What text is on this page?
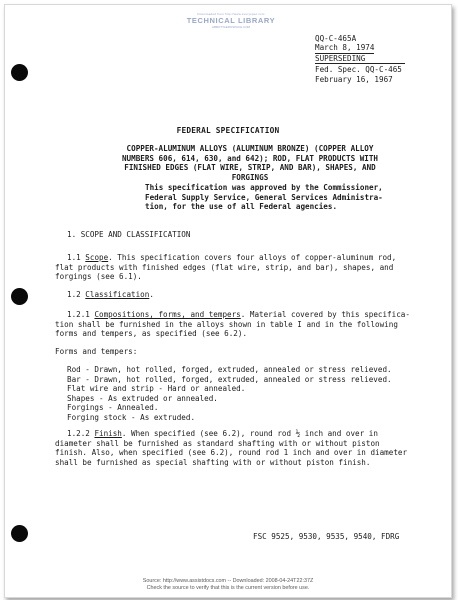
Downloaded from http://www.everyspec.com
TECHNICAL LIBRARY
ABBOTTAEROSPACE.COM
QQ-C-465A
March 8, 1974
SUPERSEDING
Fed. Spec. QQ-C-465
February 16, 1967
FEDERAL SPECIFICATION
COPPER-ALUMINUM ALLOYS (ALUMINUM BRONZE) (COPPER ALLOY
NUMBERS 606, 614, 630, and 642); ROD, FLAT PRODUCTS WITH
FINISHED EDGES (FLAT WIRE, STRIP, AND BAR), SHAPES, AND FORGINGS
This specification was approved by the Commissioner,
Federal Supply Service, General Services Administra-
tion, for the use of all Federal agencies.
1. SCOPE AND CLASSIFICATION
1.1 Scope. This specification covers four alloys of copper-aluminum rod,
flat products with finished edges (flat wire, strip, and bar), shapes, and
forgings (see 6.1).
1.2 Classification.
1.2.1 Compositions, forms, and tempers. Material covered by this specifica-
tion shall be furnished in the alloys shown in table I and in the following
forms and tempers, as specified (see 6.2).
Forms and tempers:
Rod - Drawn, hot rolled, forged, extruded, annealed or stress relieved.
Bar - Drawn, hot rolled, forged, extruded, annealed or stress relieved.
Flat wire and strip - Hard or annealed.
Shapes - As extruded or annealed.
Forgings - Annealed.
Forging stock - As extruded.
1.2.2 Finish. When specified (see 6.2), round rod ½ inch and over in
diameter shall be furnished as standard shafting with or without piston
finish. Also, when specified (see 6.2), round rod 1 inch and over in diameter
shall be furnished as special shafting with or without piston finish.
FSC 9525, 9530, 9535, 9540, FDRG
Source: http://www.assistdocs.com -- Downloaded: 2008-04-24T22:37Z
Check the source to verify that this is the current version before use.
